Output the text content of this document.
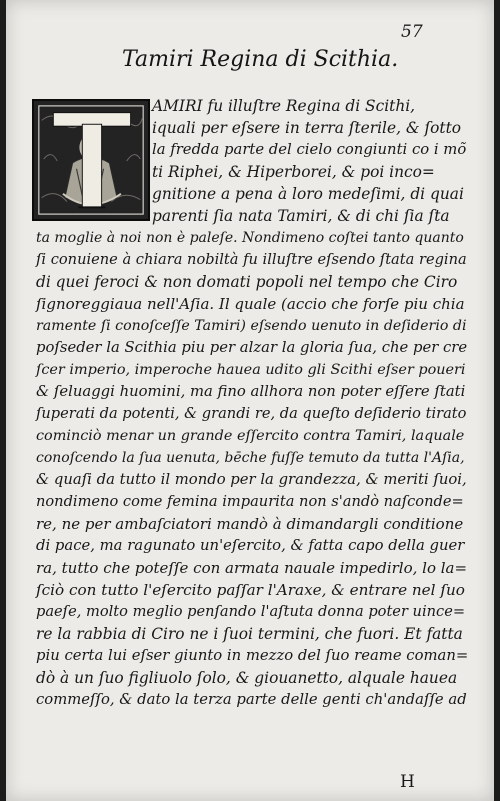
57
Tamiri Regina di Scithia.
AMIRI fu illuſtre Regina di Scithi,
iquali per eſsere in terra ſterile, & ſotto
la fredda parte del cielo congiunti co i mõ
ti Riphei, & Hiperborei, & poi inco=
gnitione a pena à loro medeſimi, di quai
parenti ſia nata Tamiri, & di chi ſia ſta
ta moglie à noi non è paleſe. Nondimeno coſtei tanto quanto
ſi conuiene à chiara nobiltà fu illuſtre eſsendo ſtata regina
di quei feroci & non domati popoli nel tempo che Ciro
ſignoreggiaua nell'Aſia. Il quale (accio che forſe piu chia
ramente ſi conoſceſſe Tamiri) eſsendo uenuto in deſiderio di
poſseder la Scithia piu per alzar la gloria ſua, che per cre
ſcer imperio, imperoche hauea udito gli Scithi eſser poueri
& ſeluaggi huomini, ma fino allhora non poter eſſere ſtati
ſuperati da potenti, & grandi re, da queſto deſiderio tirato
cominciò menar un grande eſſercito contra Tamiri, laquale
conoſcendo la ſua uenuta, bēche fuſſe temuto da tutta l'Aſia,
& quaſi da tutto il mondo per la grandezza, & meriti ſuoi,
nondimeno come femina impaurita non s'andò naſconde=
re, ne per ambaſciatori mandò à dimandargli conditione
di pace, ma ragunato un'eſercito, & fatta capo della guer
ra, tutto che poteſſe con armata nauale impedirlo, lo la=
ſciò con tutto l'eſercito paſſar l'Araxe, & entrare nel ſuo
paeſe, molto meglio penſando l'aſtuta donna poter uince=
re la rabbia di Ciro ne i ſuoi termini, che fuori. Et fatta
piu certa lui eſser giunto in mezzo del ſuo reame coman=
dò à un ſuo figliuolo ſolo, & giouanetto, alquale hauea
commeſſo, & dato la terza parte delle genti ch'andaſſe ad
H
